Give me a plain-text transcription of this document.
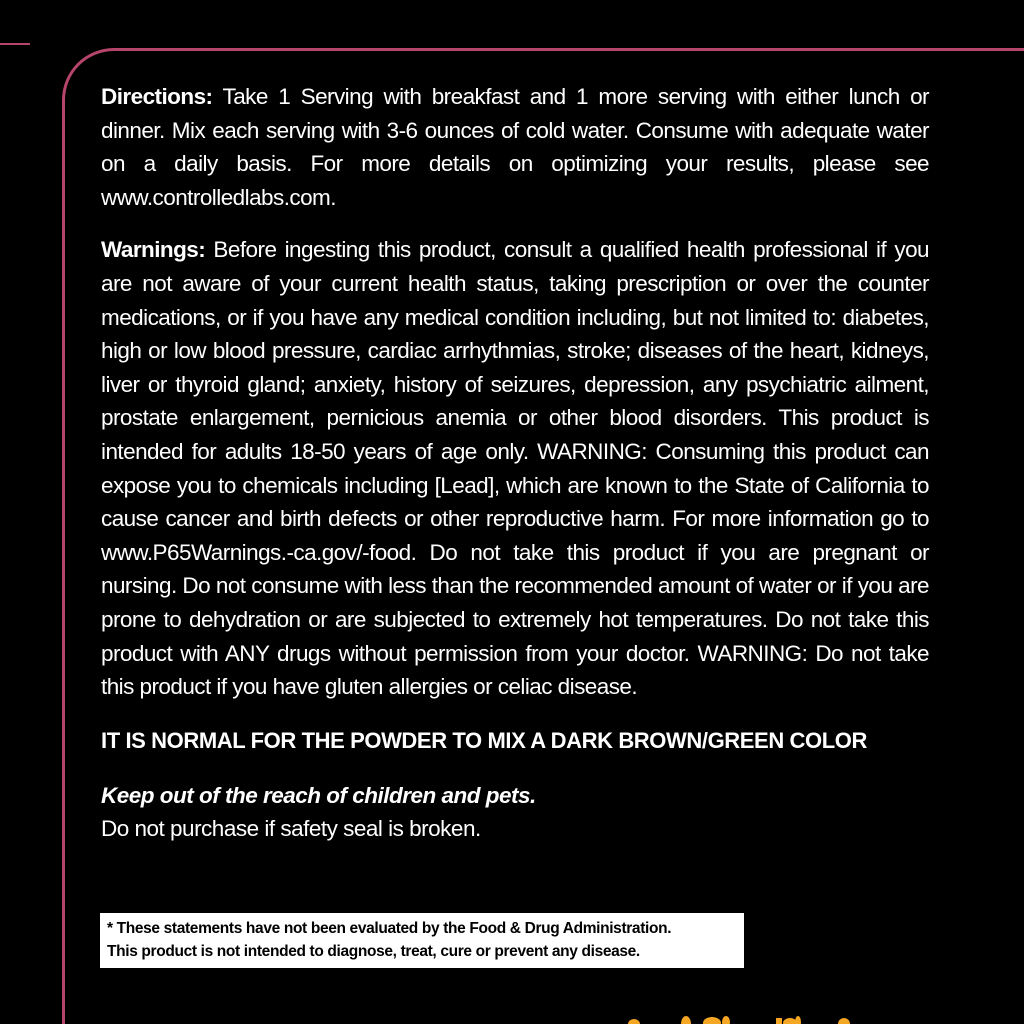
Directions: Take 1 Serving with breakfast and 1 more serving with either lunch or dinner. Mix each serving with 3-6 ounces of cold water. Consume with adequate water on a daily basis. For more details on optimizing your results, please see www.controlledlabs.com.

Warnings: Before ingesting this product, consult a qualified health professional if you are not aware of your current health status, taking prescription or over the counter medications, or if you have any medical condition including, but not limited to: diabetes, high or low blood pressure, cardiac arrhythmias, stroke; diseases of the heart, kidneys, liver or thyroid gland; anxiety, history of seizures, depression, any psychiatric ailment, prostate enlargement, pernicious anemia or other blood disorders. This product is intended for adults 18-50 years of age only. WARNING: Consuming this product can expose you to chemicals including [Lead], which are known to the State of California to cause cancer and birth defects or other reproductive harm. For more information go to www.P65Warnings.-ca.gov/-food. Do not take this product if you are pregnant or nursing. Do not consume with less than the recommended amount of water or if you are prone to dehydration or are subjected to extremely hot temperatures. Do not take this product with ANY drugs without permission from your doctor. WARNING: Do not take this product if you have gluten allergies or celiac disease.

IT IS NORMAL FOR THE POWDER TO MIX A DARK BROWN/GREEN COLOR

Keep out of the reach of children and pets.

Do not purchase if safety seal is broken.

* These statements have not been evaluated by the Food & Drug Administration.
This product is not intended to diagnose, treat, cure or prevent any disease.
